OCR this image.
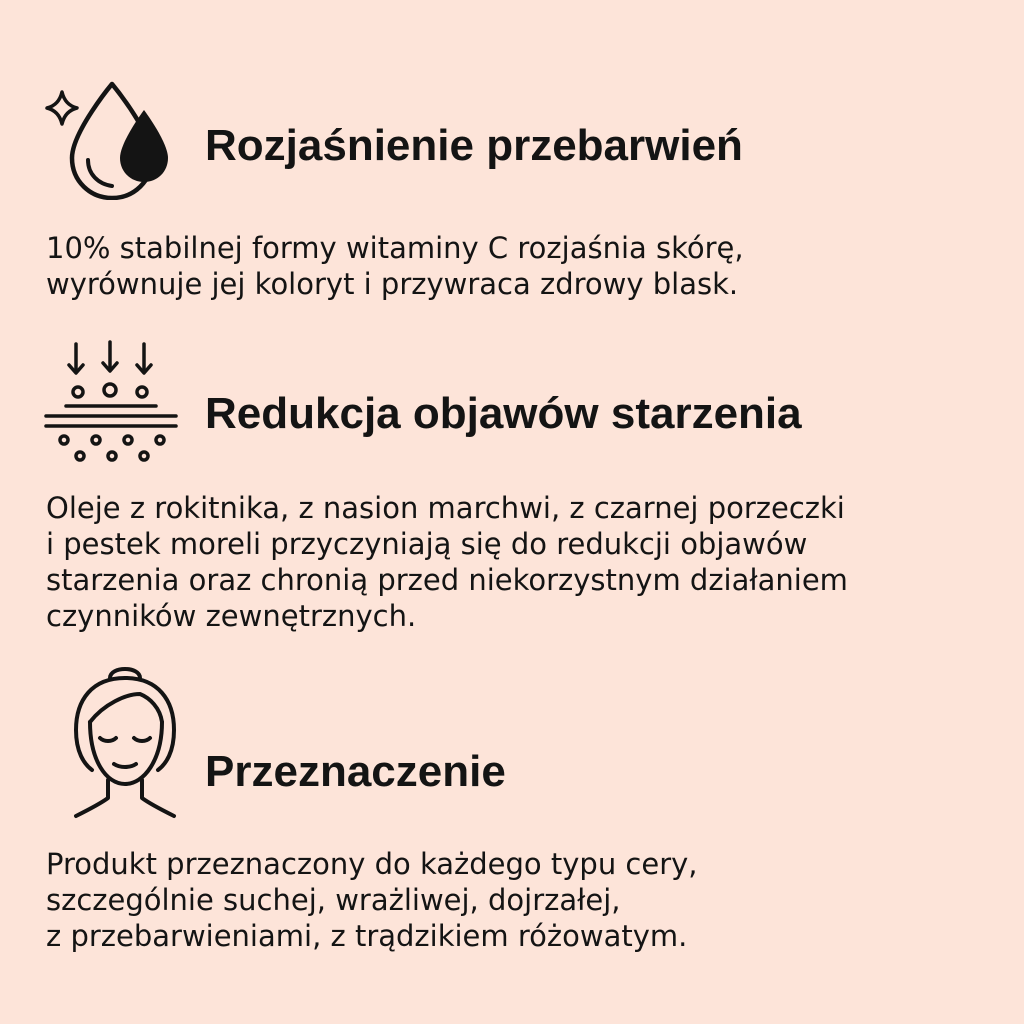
Rozjaśnienie przebarwień

10% stabilnej formy witaminy C rozjaśnia skórę,
wyrównuje jej koloryt i przywraca zdrowy blask.

Redukcja objawów starzenia

Oleje z rokitnika, z nasion marchwi, z czarnej porzeczki
i pestek moreli przyczyniają się do redukcji objawów
starzenia oraz chronią przed niekorzystnym działaniem
czynników zewnętrznych.

Przeznaczenie

Produkt przeznaczony do każdego typu cery,
szczególnie suchej, wrażliwej, dojrzałej,
z przebarwieniami, z trądzikiem różowatym.
